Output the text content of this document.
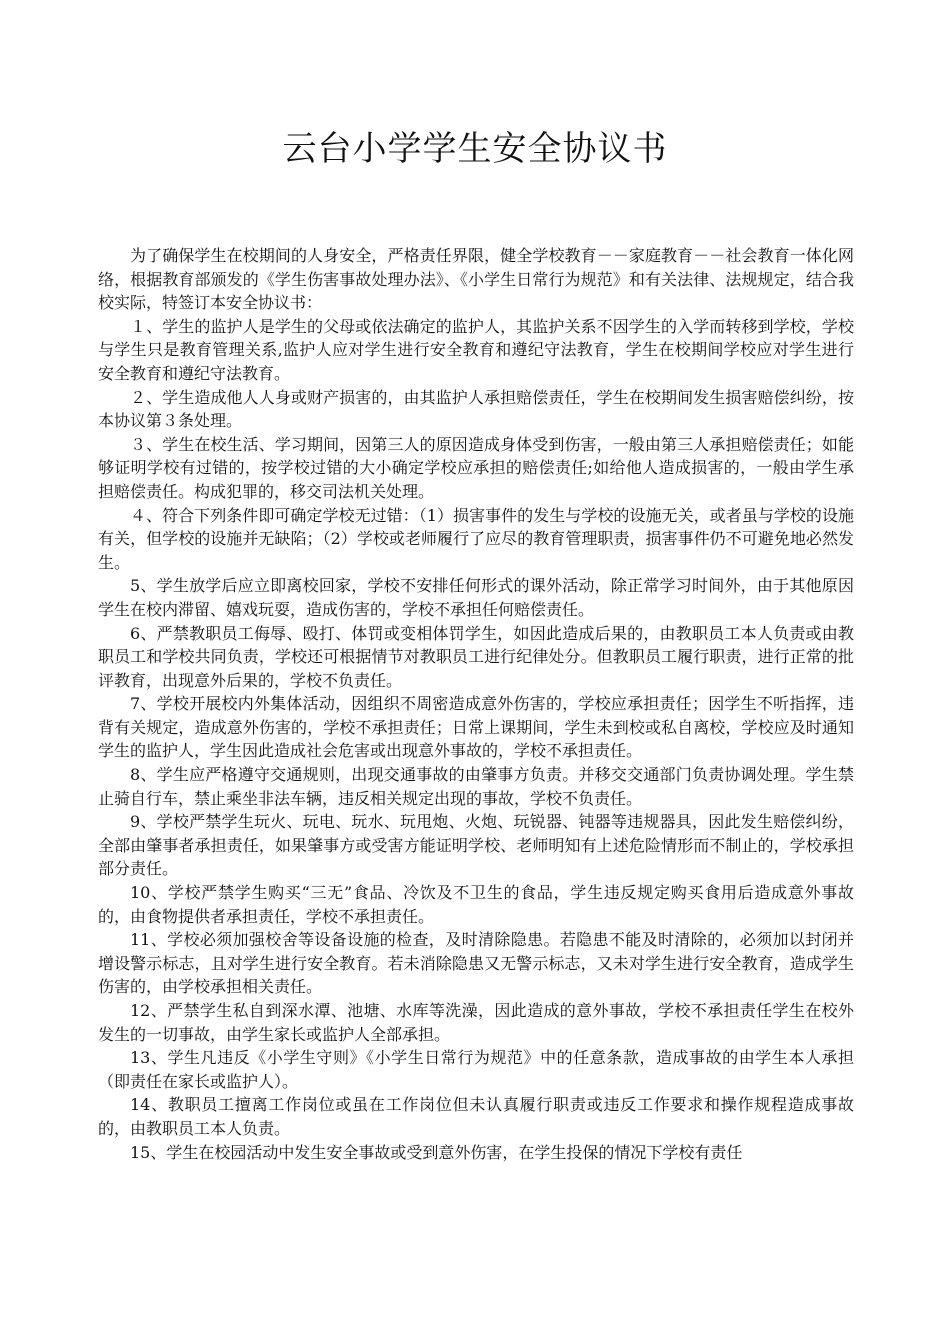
云台小学学生安全协议书

为了确保学生在校期间的人身安全，严格责任界限，健全学校教育－－家庭教育－－社会教育一体化网络，根据教育部颁发的《学生伤害事故处理办法》、《小学生日常行为规范》和有关法律、法规规定，结合我校实际，特签订本安全协议书：

１、学生的监护人是学生的父母或依法确定的监护人，其监护关系不因学生的入学而转移到学校，学校与学生只是教育管理关系,监护人应对学生进行安全教育和遵纪守法教育，学生在校期间学校应对学生进行安全教育和遵纪守法教育。

２、学生造成他人人身或财产损害的，由其监护人承担赔偿责任，学生在校期间发生损害赔偿纠纷，按本协议第３条处理。

３、学生在校生活、学习期间，因第三人的原因造成身体受到伤害，一般由第三人承担赔偿责任；如能够证明学校有过错的，按学校过错的大小确定学校应承担的赔偿责任;如给他人造成损害的，一般由学生承担赔偿责任。构成犯罪的，移交司法机关处理。

４、符合下列条件即可确定学校无过错：（1）损害事件的发生与学校的设施无关，或者虽与学校的设施有关，但学校的设施并无缺陷；（2）学校或老师履行了应尽的教育管理职责，损害事件仍不可避免地必然发生。

5、学生放学后应立即离校回家，学校不安排任何形式的课外活动，除正常学习时间外，由于其他原因学生在校内滞留、嬉戏玩耍，造成伤害的，学校不承担任何赔偿责任。

6、严禁教职员工侮辱、殴打、体罚或变相体罚学生，如因此造成后果的，由教职员工本人负责或由教职员工和学校共同负责，学校还可根据情节对教职员工进行纪律处分。但教职员工履行职责，进行正常的批评教育，出现意外后果的，学校不负责任。

7、学校开展校内外集体活动，因组织不周密造成意外伤害的，学校应承担责任；因学生不听指挥，违背有关规定，造成意外伤害的，学校不承担责任；日常上课期间，学生未到校或私自离校，学校应及时通知学生的监护人，学生因此造成社会危害或出现意外事故的，学校不承担责任。

8、学生应严格遵守交通规则，出现交通事故的由肇事方负责。并移交交通部门负责协调处理。学生禁止骑自行车，禁止乘坐非法车辆，违反相关规定出现的事故，学校不负责任。

9、学校严禁学生玩火、玩电、玩水、玩甩炮、火炮、玩锐器、钝器等违规器具，因此发生赔偿纠纷，全部由肇事者承担责任，如果肇事方或受害方能证明学校、老师明知有上述危险情形而不制止的，学校承担部分责任。

10、学校严禁学生购买“三无”食品、冷饮及不卫生的食品，学生违反规定购买食用后造成意外事故的，由食物提供者承担责任，学校不承担责任。

11、学校必须加强校舍等设备设施的检查，及时清除隐患。若隐患不能及时清除的，必须加以封闭并增设警示标志，且对学生进行安全教育。若未消除隐患又无警示标志，又未对学生进行安全教育，造成学生伤害的，由学校承担相关责任。

12、严禁学生私自到深水潭、池塘、水库等洗澡，因此造成的意外事故，学校不承担责任学生在校外发生的一切事故，由学生家长或监护人全部承担。

13、学生凡违反《小学生守则》《小学生日常行为规范》中的任意条款，造成事故的由学生本人承担（即责任在家长或监护人）。

14、教职员工擅离工作岗位或虽在工作岗位但未认真履行职责或违反工作要求和操作规程造成事故的，由教职员工本人负责。

15、学生在校园活动中发生安全事故或受到意外伤害，在学生投保的情况下学校有责任
